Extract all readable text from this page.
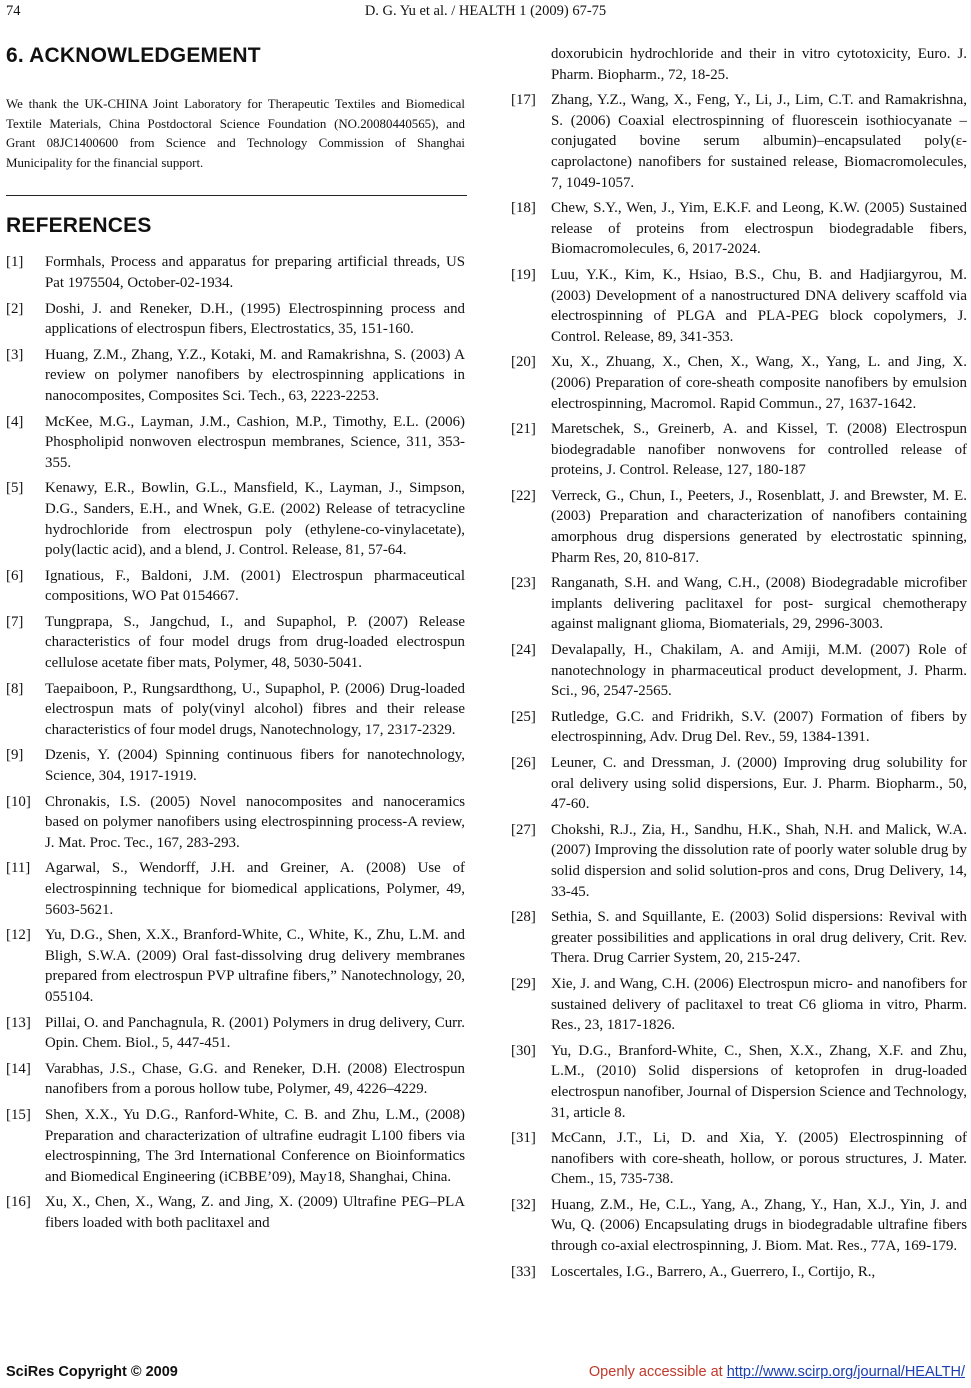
74	D. G. Yu et al. / HEALTH 1 (2009) 67-75
6. ACKNOWLEDGEMENT

We thank the UK-CHINA Joint Laboratory for Therapeutic Textiles and Biomedical Textile Materials, China Postdoctoral Science Foundation (NO.20080440565), and Grant 08JC1400600 from Science and Technology Commission of Shanghai Municipality for the financial support.

REFERENCES
[1] Formhals, Process and apparatus for preparing artificial threads, US Pat 1975504, October-02-1934.
[2] Doshi, J. and Reneker, D.H., (1995) Electrospinning process and applications of electrospun fibers, Electrostatics, 35, 151-160.
[3] Huang, Z.M., Zhang, Y.Z., Kotaki, M. and Ramakrishna, S. (2003) A review on polymer nanofibers by electrospinning applications in nanocomposites, Composites Sci. Tech., 63, 2223-2253.
[4] McKee, M.G., Layman, J.M., Cashion, M.P., Timothy, E.L. (2006) Phospholipid nonwoven electrospun membranes, Science, 311, 353-355.
[5] Kenawy, E.R., Bowlin, G.L., Mansfield, K., Layman, J., Simpson, D.G., Sanders, E.H., and Wnek, G.E. (2002) Release of tetracycline hydrochloride from electrospun poly (ethylene-co-vinylacetate), poly(lactic acid), and a blend, J. Control. Release, 81, 57-64.
[6] Ignatious, F., Baldoni, J.M. (2001) Electrospun pharmaceutical compositions, WO Pat 0154667.
[7] Tungprapa, S., Jangchud, I., and Supaphol, P. (2007) Release characteristics of four model drugs from drug-loaded electrospun cellulose acetate fiber mats, Polymer, 48, 5030-5041.
[8] Taepaiboon, P., Rungsardthong, U., Supaphol, P. (2006) Drug-loaded electrospun mats of poly(vinyl alcohol) fibres and their release characteristics of four model drugs, Nanotechnology, 17, 2317-2329.
[9] Dzenis, Y. (2004) Spinning continuous fibers for nanotechnology, Science, 304, 1917-1919.
[10] Chronakis, I.S. (2005) Novel nanocomposites and nanoceramics based on polymer nanofibers using electrospinning process-A review, J. Mat. Proc. Tec., 167, 283-293.
[11] Agarwal, S., Wendorff, J.H. and Greiner, A. (2008) Use of electrospinning technique for biomedical applications, Polymer, 49, 5603-5621.
[12] Yu, D.G., Shen, X.X., Branford-White, C., White, K., Zhu, L.M. and Bligh, S.W.A. (2009) Oral fast-dissolving drug delivery membranes prepared from electrospun PVP ultrafine fibers,” Nanotechnology, 20, 055104.
[13] Pillai, O. and Panchagnula, R. (2001) Polymers in drug delivery, Curr. Opin. Chem. Biol., 5, 447-451.
[14] Varabhas, J.S., Chase, G.G. and Reneker, D.H. (2008) Electrospun nanofibers from a porous hollow tube, Polymer, 49, 4226–4229.
[15] Shen, X.X., Yu D.G., Ranford-White, C. B. and Zhu, L.M., (2008) Preparation and characterization of ultrafine eudragit L100 fibers via electrospinning, The 3rd International Conference on Bioinformatics and Biomedical Engineering (iCBBE’09), May18, Shanghai, China.
[16] Xu, X., Chen, X., Wang, Z. and Jing, X. (2009) Ultrafine PEG–PLA fibers loaded with both paclitaxel and
doxorubicin hydrochloride and their in vitro cytotoxicity, Euro. J. Pharm. Biopharm., 72, 18-25.
[17] Zhang, Y.Z., Wang, X., Feng, Y., Li, J., Lim, C.T. and Ramakrishna, S. (2006) Coaxial electrospinning of fluorescein isothiocyanate – conjugated bovine serum albumin)–encapsulated poly(ε-caprolactone) nanofibers for sustained release, Biomacromolecules, 7, 1049-1057.
[18] Chew, S.Y., Wen, J., Yim, E.K.F. and Leong, K.W. (2005) Sustained release of proteins from electrospun biodegradable fibers, Biomacromolecules, 6, 2017-2024.
[19] Luu, Y.K., Kim, K., Hsiao, B.S., Chu, B. and Hadjiargyrou, M. (2003) Development of a nanostructured DNA delivery scaffold via electrospinning of PLGA and PLA-PEG block copolymers, J. Control. Release, 89, 341-353.
[20] Xu, X., Zhuang, X., Chen, X., Wang, X., Yang, L. and Jing, X. (2006) Preparation of core-sheath composite nanofibers by emulsion electrospinning, Macromol. Rapid Commun., 27, 1637-1642.
[21] Maretschek, S., Greinerb, A. and Kissel, T. (2008) Electrospun biodegradable nanofiber nonwovens for controlled release of proteins, J. Control. Release, 127, 180-187
[22] Verreck, G., Chun, I., Peeters, J., Rosenblatt, J. and Brewster, M. E. (2003) Preparation and characterization of nanofibers containing amorphous drug dispersions generated by electrostatic spinning, Pharm Res, 20, 810-817.
[23] Ranganath, S.H. and Wang, C.H., (2008) Biodegradable microfiber implants delivering paclitaxel for post- surgical chemotherapy against malignant glioma, Biomaterials, 29, 2996-3003.
[24] Devalapally, H., Chakilam, A. and Amiji, M.M. (2007) Role of nanotechnology in pharmaceutical product development, J. Pharm. Sci., 96, 2547-2565.
[25] Rutledge, G.C. and Fridrikh, S.V. (2007) Formation of fibers by electrospinning, Adv. Drug Del. Rev., 59, 1384-1391.
[26] Leuner, C. and Dressman, J. (2000) Improving drug solubility for oral delivery using solid dispersions, Eur. J. Pharm. Biopharm., 50, 47-60.
[27] Chokshi, R.J., Zia, H., Sandhu, H.K., Shah, N.H. and Malick, W.A. (2007) Improving the dissolution rate of poorly water soluble drug by solid dispersion and solid solution-pros and cons, Drug Delivery, 14, 33-45.
[28] Sethia, S. and Squillante, E. (2003) Solid dispersions: Revival with greater possibilities and applications in oral drug delivery, Crit. Rev. Thera. Drug Carrier System, 20, 215-247.
[29] Xie, J. and Wang, C.H. (2006) Electrospun micro- and nanofibers for sustained delivery of paclitaxel to treat C6 glioma in vitro, Pharm. Res., 23, 1817-1826.
[30] Yu, D.G., Branford-White, C., Shen, X.X., Zhang, X.F. and Zhu, L.M., (2010) Solid dispersions of ketoprofen in drug-loaded electrospun nanofiber, Journal of Dispersion Science and Technology, 31, article 8.
[31] McCann, J.T., Li, D. and Xia, Y. (2005) Electrospinning of nanofibers with core-sheath, hollow, or porous structures, J. Mater. Chem., 15, 735-738.
[32] Huang, Z.M., He, C.L., Yang, A., Zhang, Y., Han, X.J., Yin, J. and Wu, Q. (2006) Encapsulating drugs in biodegradable ultrafine fibers through co-axial electrospinning, J. Biom. Mat. Res., 77A, 169-179.
[33] Loscertales, I.G., Barrero, A., Guerrero, I., Cortijo, R.,
SciRes Copyright © 2009	Openly accessible at http://www.scirp.org/journal/HEALTH/
